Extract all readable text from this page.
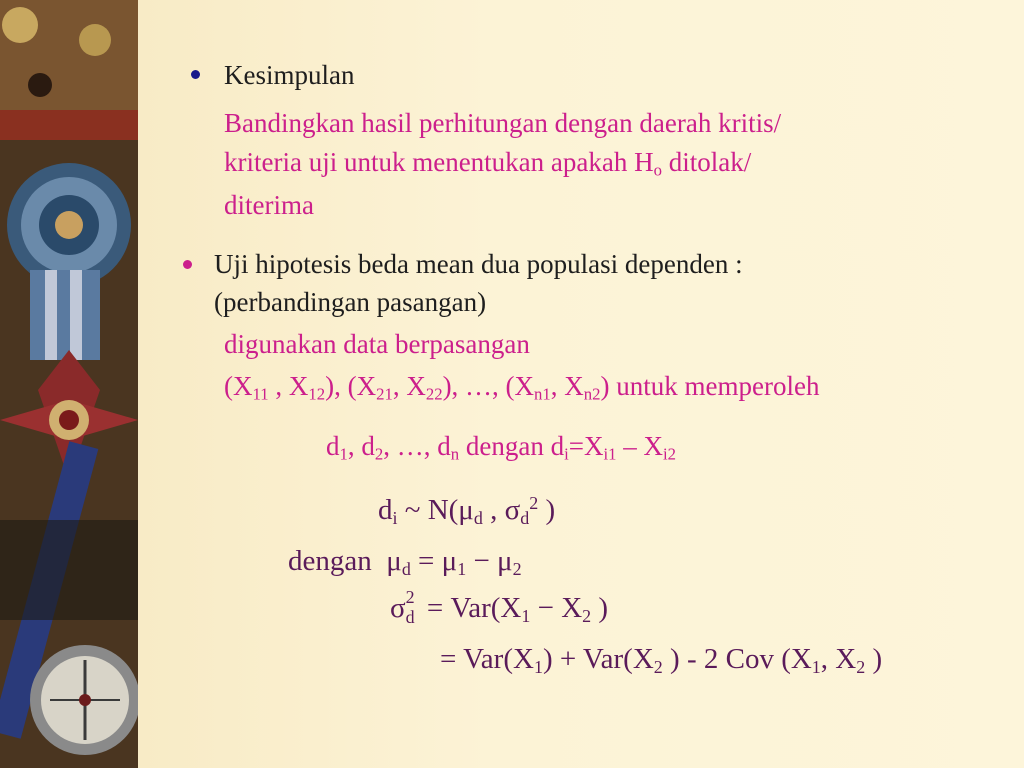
Kesimpulan
Bandingkan hasil perhitungan dengan daerah kritis/
kriteria uji untuk menentukan apakah $H_o$ ditolak/
diterima
Uji hipotesis beda mean dua populasi dependen :
(perbandingan pasangan)
digunakan data berpasangan
($X_{11}$ , $X_{12}$), ($X_{21}$, $X_{22}$), …, ($X_{n1}$, $X_{n2}$) untuk memperoleh
$d_1$, $d_2$, …, $d_n$ dengan $d_i=X_{i1} - X_{i2}$
$d_i$ ~ $N(\mu_d$ , $\sigma_d^2$ )
dengan $\mu_d = \mu_1 - \mu_2$
σ 2
$d = Var(X_1 - X_2$ )
= $Var(X_1) + Var(X_2$ ) - 2 Cov ($X_1$, $X_2$ )
